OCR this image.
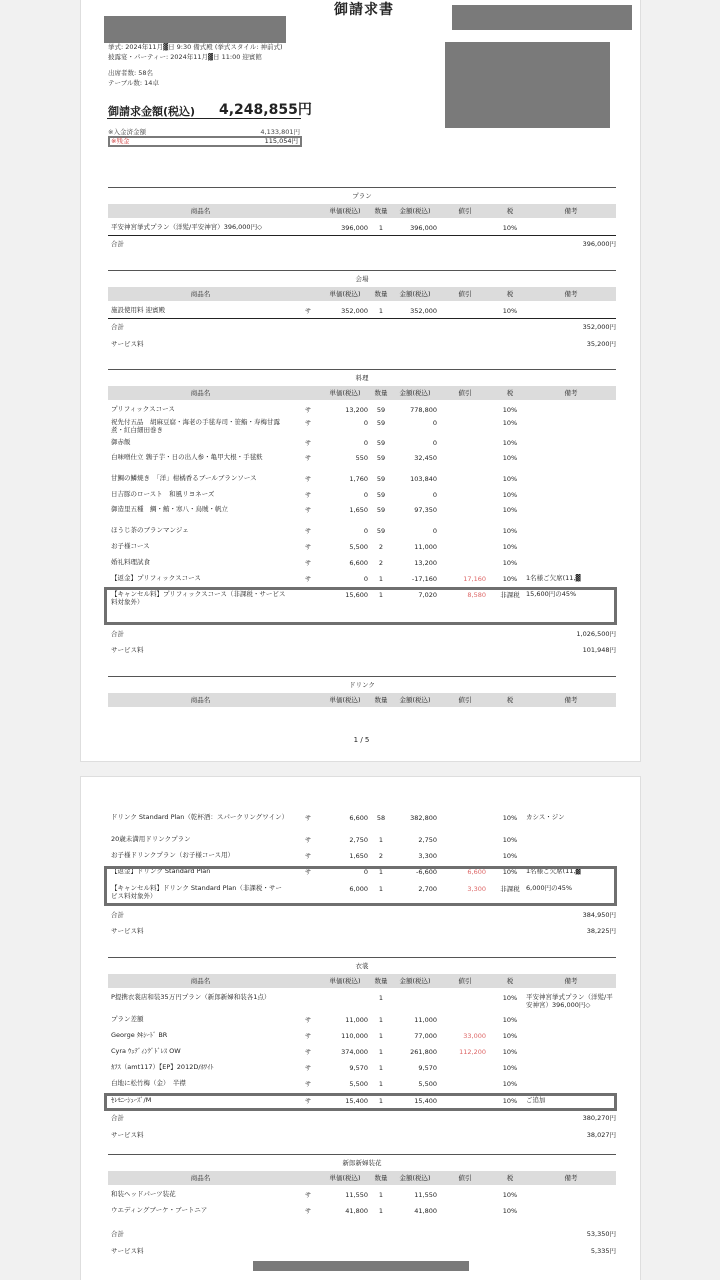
御請求書
挙式: 2024年11月▓日 9:30 備式殿 (挙式スタイル: 神前式)
披露宴・パーティー: 2024年11月▓日 11:00 迎賓館
出席者数: 58名
テーブル数: 14卓
御請求金額(税込) 4,248,855円
※入金済金額	4,133,801円
※残金	115,054円
プラン
商品名	単価(税込)	数量	金額(税込)	値引	税	備考
平安神宮挙式プラン（洋髪/平安神宮）396,000円◇	396,000	1	396,000	10%
合計	396,000円
会場
商品名	単価(税込)	数量	金額(税込)	値引	税	備考
施設使用料 迎賓殿	サ	352,000	1	352,000	10%
合計	352,000円
サービス料	35,200円
料理
商品名	単価(税込)	数量	金額(税込)	値引	税	備考
プリフィックスコース	サ	13,200	59	778,800	10%
祝先付五品　胡麻豆腐・海老の手毬寿司・笹鮨・寿梅甘露煮・紅白細田巻き
サ	0	59	0	10%
御赤飯	サ	0	59	0	10%
白味噌仕立 鶉子芋・日の出人参・亀甲大根・手毬麩	サ	550	59	32,450	10%
甘鯛の鱗焼き　「洋」柑橘香るブールブランソース	サ	1,760	59	103,840	10%
日吉豚のロースト　和風リヨネーズ	サ	0	59	0	10%
御造里五種　鯛・鮪・寒八・烏賊・帆立	サ	1,650	59	97,350	10%
ほうじ茶のブランマンジェ	サ	0	59	0	10%
お子様コース	サ	5,500	2	11,000	10%
婚礼料理試食	サ	6,600	2	13,200	10%
【返金】プリフィックスコース	サ	0	1	-17,160	17,160	10%	1名様ご欠席(11,▓
【キャンセル料】プリフィックスコース（非課税・サービス料対象外）
15,600	1	7,020	8,580	非課税 15,600円の45%
合計	1,026,500円
サービス料	101,948円
ドリンク
商品名	単価(税込)	数量	金額(税込)	値引	税	備考
1 / 5
ドリンク Standard Plan（乾杯酒：スパークリングワイン）	サ	6,600	58	382,800	10%	カシス・ジン
20歳未満用ドリンクプラン	サ	2,750	1	2,750	10%
お子様ドリンクプラン（お子様コース用）	サ	1,650	2	3,300	10%
【返金】ドリンク Standard Plan	サ	0	1	-6,600	6,600	10%	1名様ご欠席(11,▓
【キャンセル料】ドリンク Standard Plan（非課税・サービス料対象外）
6,000	1	2,700	3,300	非課税 6,000円の45%
合計	384,950円
サービス料	38,225円
衣裳
商品名	単価(税込)	数量	金額(税込)	値引	税	備考
P提携衣裳店和装35万円プラン（新郎新婦和装各1点）	1	10%	平安神宮挙式プラン（洋髪/平安神宮）396,000円◇
プラン差額	サ	11,000	1	11,000	10%
George ﾀｷｼｰﾄﾞ BR	サ	110,000	1	77,000	33,000	10%
Cyra ｳｪﾃﾞｨﾝｸﾞﾄﾞﾚｽ OW	サ	374,000	1	261,800	112,200	10%
ｶﾌｽ（amt117）【EP】2012D/ﾎﾜｲﾄ	サ	9,570	1	9,570	10%
白地に松竹梅（金）　半襟	サ	5,500	1	5,500	10%
ｾﾚﾓﾆｰｼｭｰｽﾞ/M	サ	15,400	1	15,400	10%	ご追加
合計	380,270円
サービス料	38,027円
新郎新婦装花
商品名	単価(税込)	数量	金額(税込)	値引	税	備考
和装ヘッドパーツ装花	サ	11,550	1	11,550	10%
ウエディングブーケ・ブートニア	サ	41,800	1	41,800	10%
合計	53,350円
サービス料	5,335円
